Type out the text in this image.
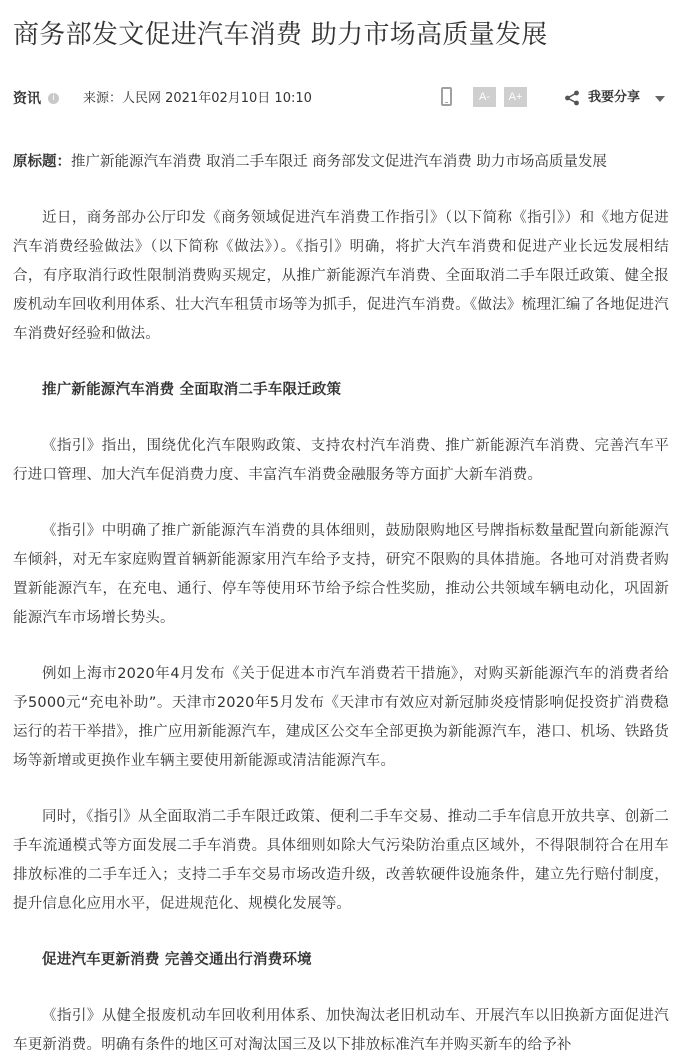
商务部发文促进汽车消费 助力市场高质量发展
资讯	i	来源：人民网 2021年02月10日 10:10	A-	A+	我要分享

原标题：推广新能源汽车消费 取消二手车限迁 商务部发文促进汽车消费 助力市场高质量发展

近日，商务部办公厅印发《商务领域促进汽车消费工作指引》（以下简称《指引》）和《地方促进汽车消费经验做法》（以下简称《做法》）。《指引》明确，将扩大汽车消费和促进产业长远发展相结合，有序取消行政性限制消费购买规定，从推广新能源汽车消费、全面取消二手车限迁政策、健全报废机动车回收利用体系、壮大汽车租赁市场等为抓手，促进汽车消费。《做法》梳理汇编了各地促进汽车消费好经验和做法。

推广新能源汽车消费 全面取消二手车限迁政策

《指引》指出，围绕优化汽车限购政策、支持农村汽车消费、推广新能源汽车消费、完善汽车平行进口管理、加大汽车促消费力度、丰富汽车消费金融服务等方面扩大新车消费。

《指引》中明确了推广新能源汽车消费的具体细则，鼓励限购地区号牌指标数量配置向新能源汽车倾斜，对无车家庭购置首辆新能源家用汽车给予支持，研究不限购的具体措施。各地可对消费者购置新能源汽车，在充电、通行、停车等使用环节给予综合性奖励，推动公共领域车辆电动化，巩固新能源汽车市场增长势头。

例如上海市2020年4月发布《关于促进本市汽车消费若干措施》，对购买新能源汽车的消费者给予5000元“充电补助”。天津市2020年5月发布《天津市有效应对新冠肺炎疫情影响促投资扩消费稳运行的若干举措》，推广应用新能源汽车，建成区公交车全部更换为新能源汽车，港口、机场、铁路货场等新增或更换作业车辆主要使用新能源或清洁能源汽车。

同时，《指引》从全面取消二手车限迁政策、便利二手车交易、推动二手车信息开放共享、创新二手车流通模式等方面发展二手车消费。具体细则如除大气污染防治重点区域外，不得限制符合在用车排放标准的二手车迁入；支持二手车交易市场改造升级，改善软硬件设施条件，建立先行赔付制度，提升信息化应用水平，促进规范化、规模化发展等。

促进汽车更新消费 完善交通出行消费环境

《指引》从健全报废机动车回收利用体系、加快淘汰老旧机动车、开展汽车以旧换新方面促进汽车更新消费。明确有条件的地区可对淘汰国三及以下排放标准汽车并购买新车的给予补
